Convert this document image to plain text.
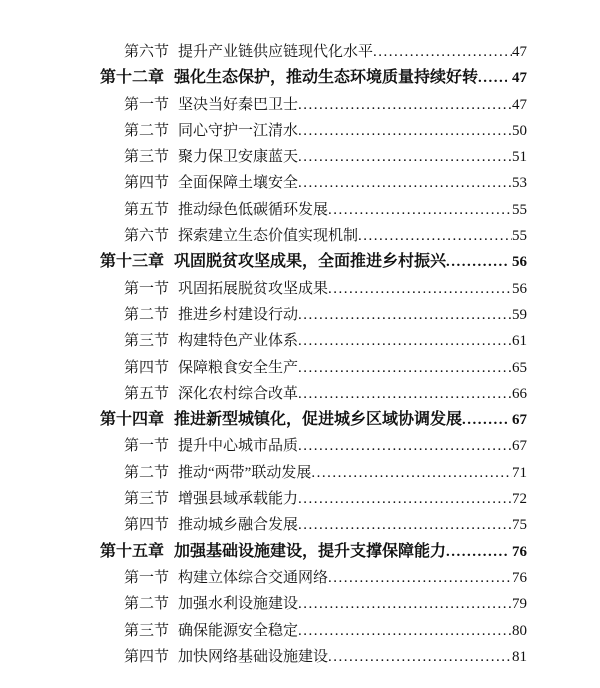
第六节 提升产业链供应链现代化水平 .....	47
第十二章 强化生态保护，推动生态环境质量持续好转 ..... 47
第一节 坚决当好秦巴卫士 .....	47
第二节 同心守护一江清水 .....	50
第三节 聚力保卫安康蓝天 .....	51
第四节 全面保障土壤安全 .....	53
第五节 推动绿色低碳循环发展 .....	55
第六节 探索建立生态价值实现机制 .....	55
第十三章 巩固脱贫攻坚成果，全面推进乡村振兴 .....	56
第一节 巩固拓展脱贫攻坚成果 .....	56
第二节 推进乡村建设行动 .....	59
第三节 构建特色产业体系 .....	61
第四节 保障粮食安全生产 .....	65
第五节 深化农村综合改革 .....	66
第十四章 推进新型城镇化，促进城乡区域协调发展 .....	67
第一节 提升中心城市品质 .....	67
第二节 推动“两带”联动发展 .....	71
第三节 增强县域承载能力 .....	72
第四节 推动城乡融合发展 .....	75
第十五章 加强基础设施建设，提升支撑保障能力 .....	76
第一节 构建立体综合交通网络 .....	76
第二节 加强水利设施建设 .....	79
第三节 确保能源安全稳定 .....	80
第四节 加快网络基础设施建设 .....	81
